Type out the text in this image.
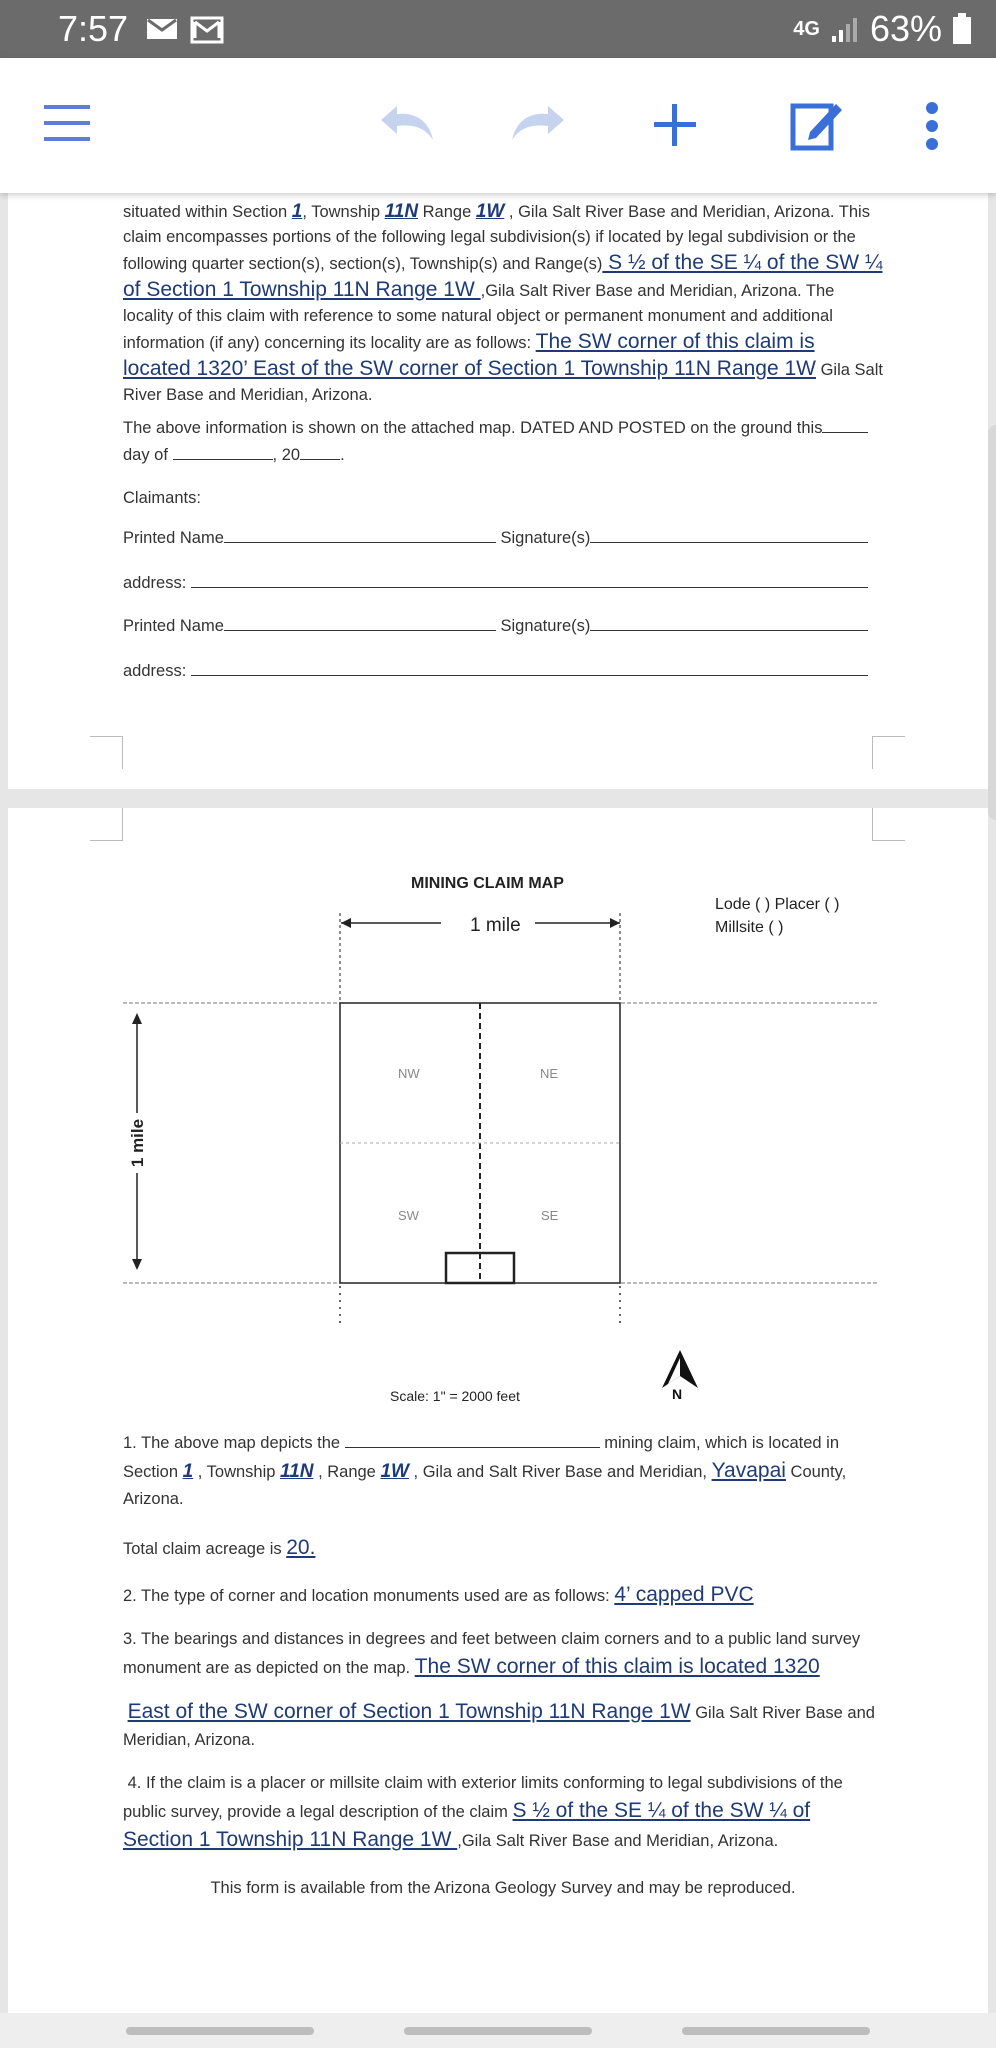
7:57	4G 63%
situated within Section 1, Township 11N Range 1W , Gila Salt River Base and Meridian, Arizona. This claim encompasses portions of the following legal subdivision(s) if located by legal subdivision or the following quarter section(s), section(s), Township(s) and Range(s) S ½ of the SE ¼ of the SW ¼ of Section 1 Township 11N Range 1W ,Gila Salt River Base and Meridian, Arizona. The locality of this claim with reference to some natural object or permanent monument and additional information (if any) concerning its locality are as follows: The SW corner of this claim is located 1320’ East of the SW corner of Section 1 Township 11N Range 1W Gila Salt River Base and Meridian, Arizona.
The above information is shown on the attached map. DATED AND POSTED on the ground thisday of	, 20 .
Claimants:
Printed Name	Signature(s)
address:
Printed Name	Signature(s)
address:
MINING CLAIM MAP
Lode ( ) Placer ( )
Millsite ( )
1 mile
1 mile
NW	NE
SW	SE
Scale: 1" = 2000 feet	N
1. The above map depicts the	mining claim, which is located in Section 1 , Township 11N , Range 1W , Gila and Salt River Base and Meridian, Yavapai County, Arizona.
Total claim acreage is 20.
2. The type of corner and location monuments used are as follows: 4’ capped PVC
3. The bearings and distances in degrees and feet between claim corners and to a public land survey monument are as depicted on the map. The SW corner of this claim is located 1320
East of the SW corner of Section 1 Township 11N Range 1W Gila Salt River Base and Meridian, Arizona.
4. If the claim is a placer or millsite claim with exterior limits conforming to legal subdivisions of the public survey, provide a legal description of the claim S ½ of the SE ¼ of the SW ¼ of Section 1 Township 11N Range 1W ,Gila Salt River Base and Meridian, Arizona.
This form is available from the Arizona Geology Survey and may be reproduced.
